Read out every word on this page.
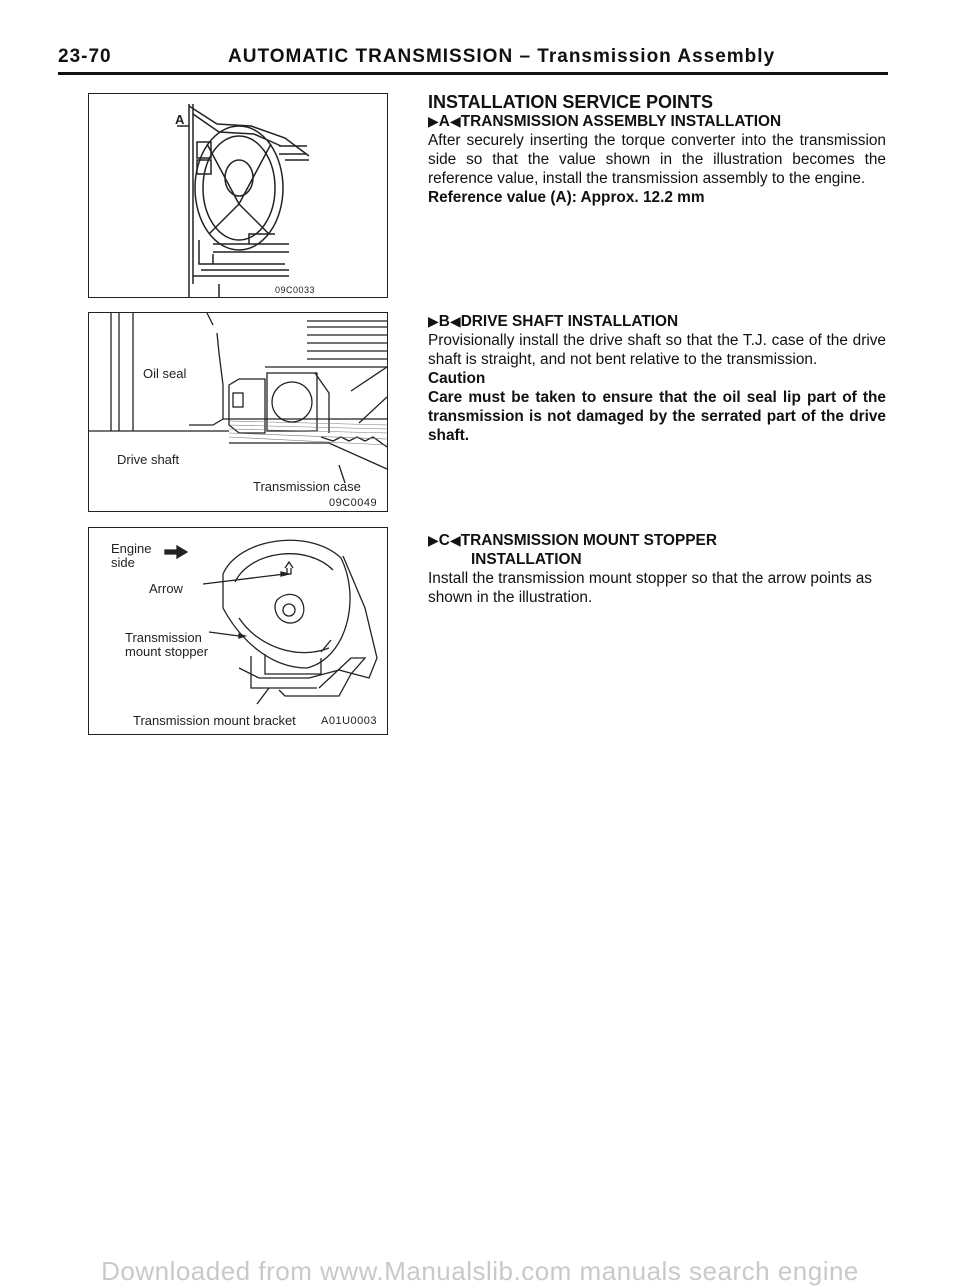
23-70	AUTOMATIC TRANSMISSION – Transmission Assembly
A
09C0033
Oil seal
Drive shaft
Transmission case
09C0049
Engine
side
Arrow
Transmission
mount stopper
Transmission mount bracket A01U0003

INSTALLATION SERVICE POINTS

▶A◀TRANSMISSION ASSEMBLY INSTALLATION

After securely inserting the torque converter into the transmission side so that the value shown in the illustration becomes the reference value, install the transmission assembly to the engine.

Reference value (A): Approx. 12.2 mm

▶B◀DRIVE SHAFT INSTALLATION

Provisionally install the drive shaft so that the T.J. case of the drive shaft is straight, and not bent relative to the transmission.

Caution

Care must be taken to ensure that the oil seal lip part of the transmission is not damaged by the serrated part of the drive shaft.

▶C◀TRANSMISSION MOUNT STOPPER

INSTALLATION

Install the transmission mount stopper so that the arrow points as shown in the illustration.

Downloaded from www.Manualslib.com manuals search engine
